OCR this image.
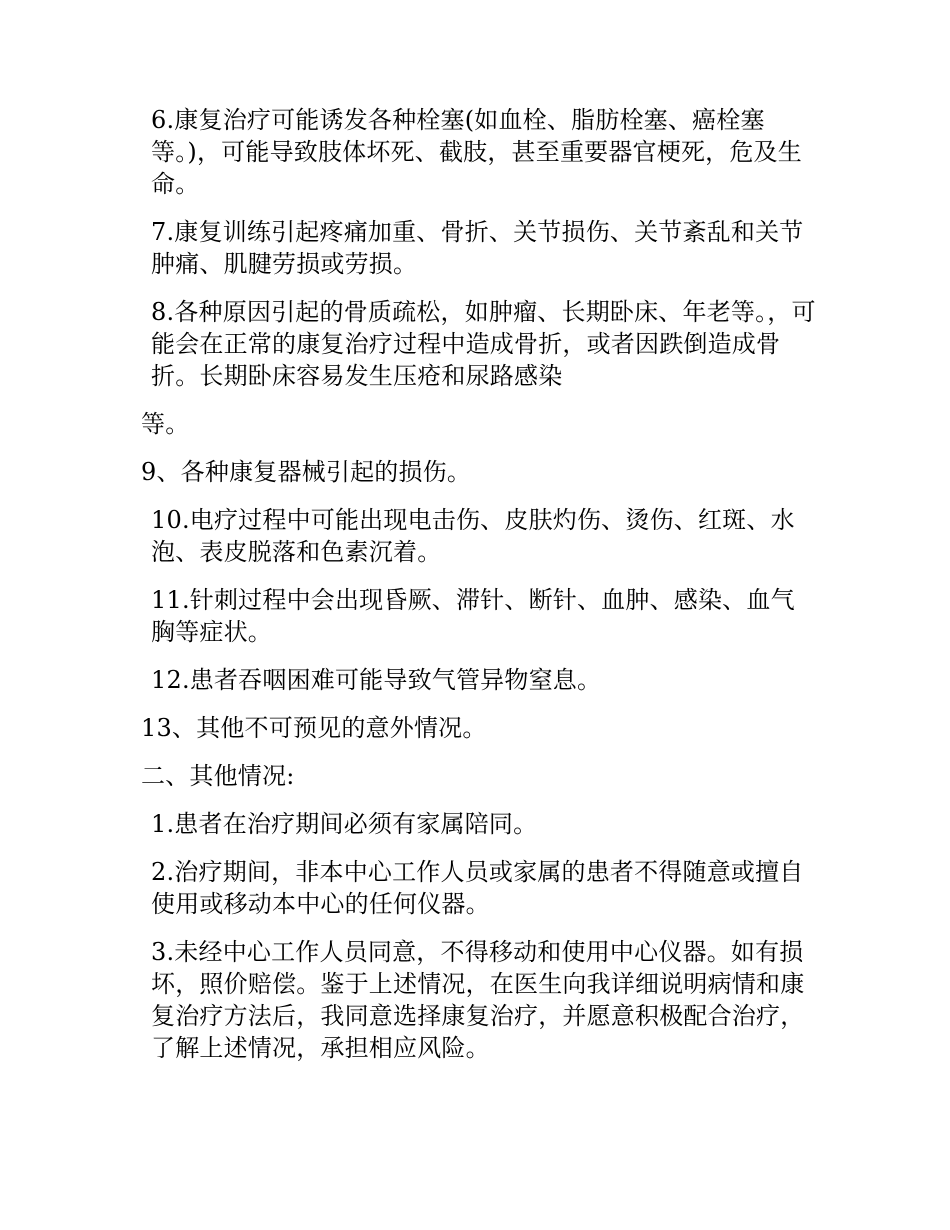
6.康复治疗可能诱发各种栓塞(如血栓、脂肪栓塞、癌栓塞等。)，可能导致肢体坏死、截肢，甚至重要器官梗死，危及生命。

7.康复训练引起疼痛加重、骨折、关节损伤、关节紊乱和关节肿痛、肌腱劳损或劳损。

8.各种原因引起的骨质疏松，如肿瘤、长期卧床、年老等。，可能会在正常的康复治疗过程中造成骨折，或者因跌倒造成骨折。长期卧床容易发生压疮和尿路感染

等。

9、各种康复器械引起的损伤。

10.电疗过程中可能出现电击伤、皮肤灼伤、烫伤、红斑、水泡、表皮脱落和色素沉着。

11.针刺过程中会出现昏厥、滞针、断针、血肿、感染、血气胸等症状。

12.患者吞咽困难可能导致气管异物窒息。

13、其他不可预见的意外情况。

二、其他情况:

1.患者在治疗期间必须有家属陪同。

2.治疗期间，非本中心工作人员或家属的患者不得随意或擅自使用或移动本中心的任何仪器。

3.未经中心工作人员同意，不得移动和使用中心仪器。如有损坏，照价赔偿。鉴于上述情况，在医生向我详细说明病情和康复治疗方法后，我同意选择康复治疗，并愿意积极配合治疗，了解上述情况，承担相应风险。
